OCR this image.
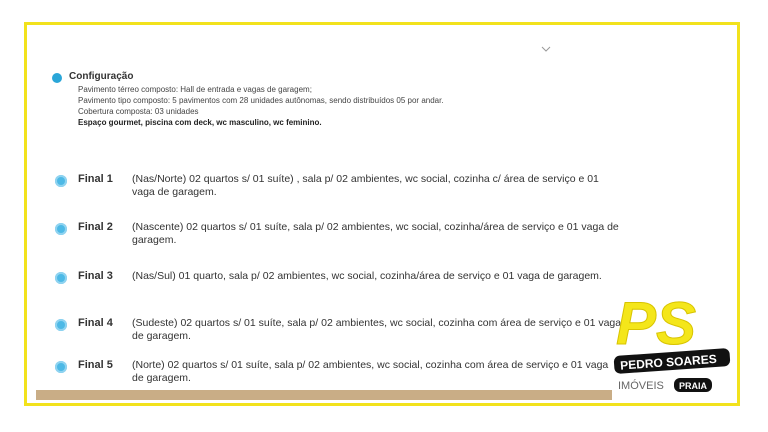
Configuração
Pavimento térreo composto: Hall de entrada e vagas de garagem;
Pavimento tipo composto: 5 pavimentos com 28 unidades autônomas, sendo distribuídos 05 por andar.
Cobertura composta: 03 unidades
Espaço gourmet, piscina com deck, wc masculino, wc feminino.
Final 1 (Nas/Norte) 02 quartos s/ 01 suíte) , sala p/ 02 ambientes, wc social, cozinha c/ área de serviço e 01 vaga de garagem.
Final 2 (Nascente) 02 quartos s/ 01 suíte, sala p/ 02 ambientes, wc social, cozinha/área de serviço e 01 vaga de garagem.
Final 3 (Nas/Sul) 01 quarto, sala p/ 02 ambientes, wc social, cozinha/área de serviço e 01 vaga de garagem.
Final 4 (Sudeste) 02 quartos s/ 01 suíte, sala p/ 02 ambientes, wc social, cozinha com área de serviço e 01 vaga de garagem.
Final 5 (Norte) 02 quartos s/ 01 suíte, sala p/ 02 ambientes, wc social, cozinha com área de serviço e 01 vaga de garagem.
PS
PEDRO SOARES
IMÓVEIS PRAIA
